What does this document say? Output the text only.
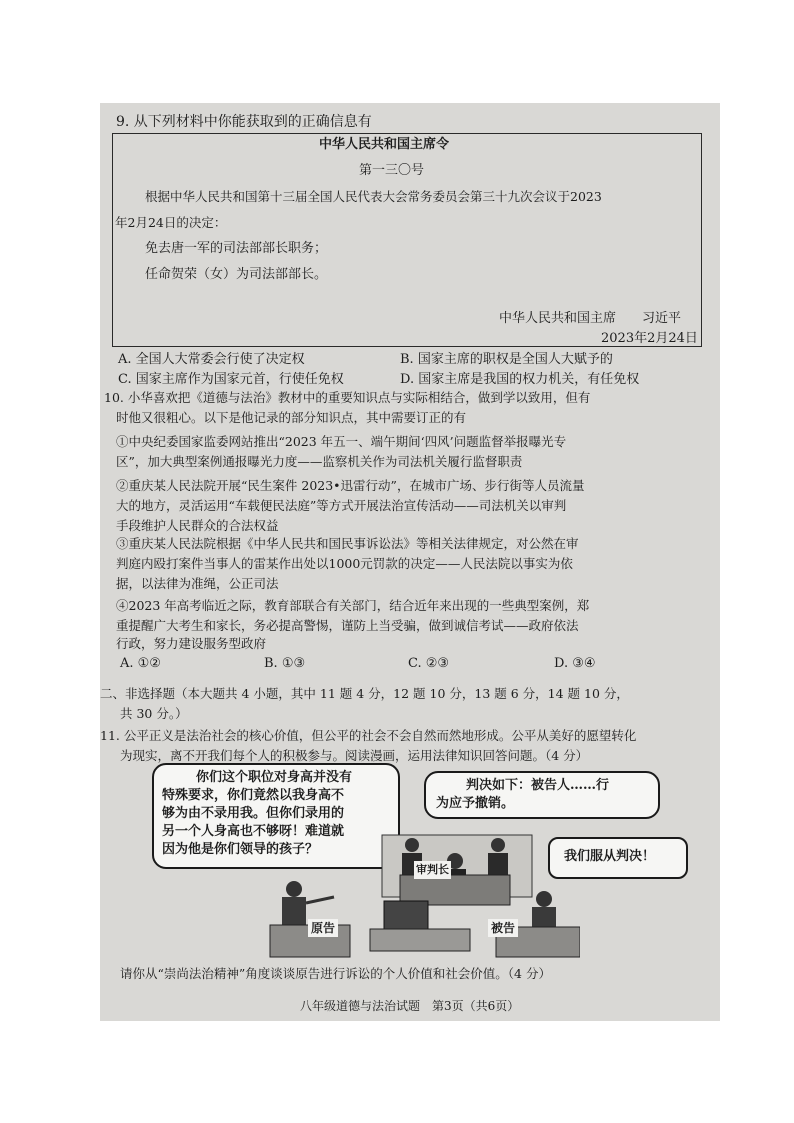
9. 从下列材料中你能获取到的正确信息有
中华人民共和国主席令
第一三〇号
根据中华人民共和国第十三届全国人民代表大会常务委员会第三十九次会议于2023
年2月24日的决定：
免去唐一军的司法部部长职务；
任命贺荣（女）为司法部部长。
中华人民共和国主席　　习近平
2023年2月24日
A. 全国人大常委会行使了决定权	B. 国家主席的职权是全国人大赋予的
C. 国家主席作为国家元首，行使任免权	D. 国家主席是我国的权力机关，有任免权
10. 小华喜欢把《道德与法治》教材中的重要知识点与实际相结合，做到学以致用，但有
时他又很粗心。以下是他记录的部分知识点，其中需要订正的有
①中央纪委国家监委网站推出“2023 年五一、端午期间‘四风’问题监督举报曝光专
区”，加大典型案例通报曝光力度——监察机关作为司法机关履行监督职责
②重庆某人民法院开展“民生案件 2023•迅雷行动”，在城市广场、步行街等人员流量
大的地方，灵活运用“车载便民法庭”等方式开展法治宣传活动——司法机关以审判
手段维护人民群众的合法权益
③重庆某人民法院根据《中华人民共和国民事诉讼法》等相关法律规定，对公然在审
判庭内殴打案件当事人的雷某作出处以1000元罚款的决定——人民法院以事实为依
据，以法律为准绳，公正司法
④2023 年高考临近之际，教育部联合有关部门，结合近年来出现的一些典型案例，郑
重提醒广大考生和家长，务必提高警惕，谨防上当受骗，做到诚信考试——政府依法
行政，努力建设服务型政府
A. ①②	B. ①③	C. ②③	D. ③④
二、非选择题（本大题共 4 小题，其中 11 题 4 分，12 题 10 分，13 题 6 分，14 题 10 分，
共 30 分。）
11. 公平正义是法治社会的核心价值，但公平的社会不会自然而然地形成。公平从美好的愿望转化
为现实，离不开我们每个人的积极参与。阅读漫画，运用法律知识回答问题。（4 分）
你们这个职位对身高并没有
特殊要求，你们竟然以我身高不
够为由不录用我。但你们录用的
另一个人身高也不够呀！难道就
因为他是你们领导的孩子？
判决如下：被告人……行
为应予撤销。
我们服从判决！
审判长
原告	被告
请你从“崇尚法治精神”角度谈谈原告进行诉讼的个人价值和社会价值。（4 分）
八年级道德与法治试题　第3页（共6页）
